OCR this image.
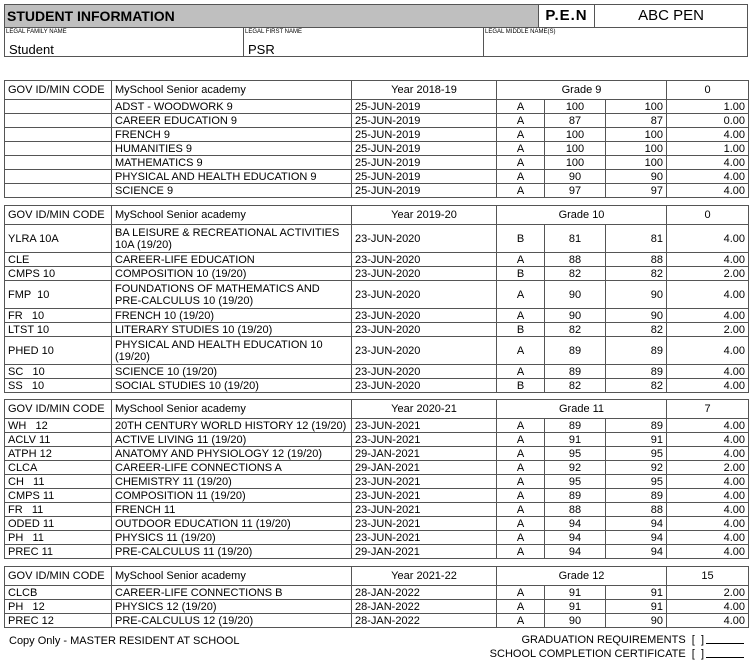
STUDENT INFORMATION	P.E.N	ABC PEN
LEGAL FAMILY NAME
Student
LEGAL FIRST NAME
PSR
LEGAL MIDDLE NAME(S)
GOV ID/MIN CODE	MySchool Senior academy	Year 2018-19	Grade 9			0
	ADST - WOODWORK 9	25-JUN-2019	A	100	100	1.00
	CAREER EDUCATION 9	25-JUN-2019	A	87	87	0.00
	FRENCH 9	25-JUN-2019	A	100	100	4.00
	HUMANITIES 9	25-JUN-2019	A	100	100	1.00
	MATHEMATICS 9	25-JUN-2019	A	100	100	4.00
	PHYSICAL AND HEALTH EDUCATION 9	25-JUN-2019	A	90	90	4.00
	SCIENCE 9	25-JUN-2019	A	97	97	4.00
GOV ID/MIN CODE	MySchool Senior academy	Year 2019-20	Grade 10			0
YLRA 10A	BA LEISURE & RECREATIONAL ACTIVITIES 10A (19/20)	23-JUN-2020	B	81	81	4.00
CLE	CAREER-LIFE EDUCATION	23-JUN-2020	A	88	88	4.00
CMPS 10	COMPOSITION 10 (19/20)	23-JUN-2020	B	82	82	2.00
FMP  10	FOUNDATIONS OF MATHEMATICS AND PRE-CALCULUS 10 (19/20)	23-JUN-2020	A	90	90	4.00
FR   10	FRENCH 10 (19/20)	23-JUN-2020	A	90	90	4.00
LTST 10	LITERARY STUDIES 10 (19/20)	23-JUN-2020	B	82	82	2.00
PHED 10	PHYSICAL AND HEALTH EDUCATION 10 (19/20)	23-JUN-2020	A	89	89	4.00
SC   10	SCIENCE 10 (19/20)	23-JUN-2020	A	89	89	4.00
SS   10	SOCIAL STUDIES 10 (19/20)	23-JUN-2020	B	82	82	4.00
GOV ID/MIN CODE	MySchool Senior academy	Year 2020-21	Grade 11			7
WH   12	20TH CENTURY WORLD HISTORY 12 (19/20)	23-JUN-2021	A	89	89	4.00
ACLV 11	ACTIVE LIVING 11 (19/20)	23-JUN-2021	A	91	91	4.00
ATPH 12	ANATOMY AND PHYSIOLOGY 12 (19/20)	29-JAN-2021	A	95	95	4.00
CLCA	CAREER-LIFE CONNECTIONS A	29-JAN-2021	A	92	92	2.00
CH   11	CHEMISTRY 11 (19/20)	23-JUN-2021	A	95	95	4.00
CMPS 11	COMPOSITION 11 (19/20)	23-JUN-2021	A	89	89	4.00
FR   11	FRENCH 11	23-JUN-2021	A	88	88	4.00
ODED 11	OUTDOOR EDUCATION 11 (19/20)	23-JUN-2021	A	94	94	4.00
PH   11	PHYSICS 11 (19/20)	23-JUN-2021	A	94	94	4.00
PREC 11	PRE-CALCULUS 11 (19/20)	29-JAN-2021	A	94	94	4.00
GOV ID/MIN CODE	MySchool Senior academy	Year 2021-22	Grade 12			15
CLCB	CAREER-LIFE CONNECTIONS B	28-JAN-2022	A	91	91	2.00
PH   12	PHYSICS 12 (19/20)	28-JAN-2022	A	91	91	4.00
PREC 12	PRE-CALCULUS 12 (19/20)	28-JAN-2022	A	90	90	4.00
Copy Only - MASTER RESIDENT AT SCHOOL	GRADUATION REQUIREMENTS  [  ]
SCHOOL COMPLETION CERTIFICATE  [  ]
